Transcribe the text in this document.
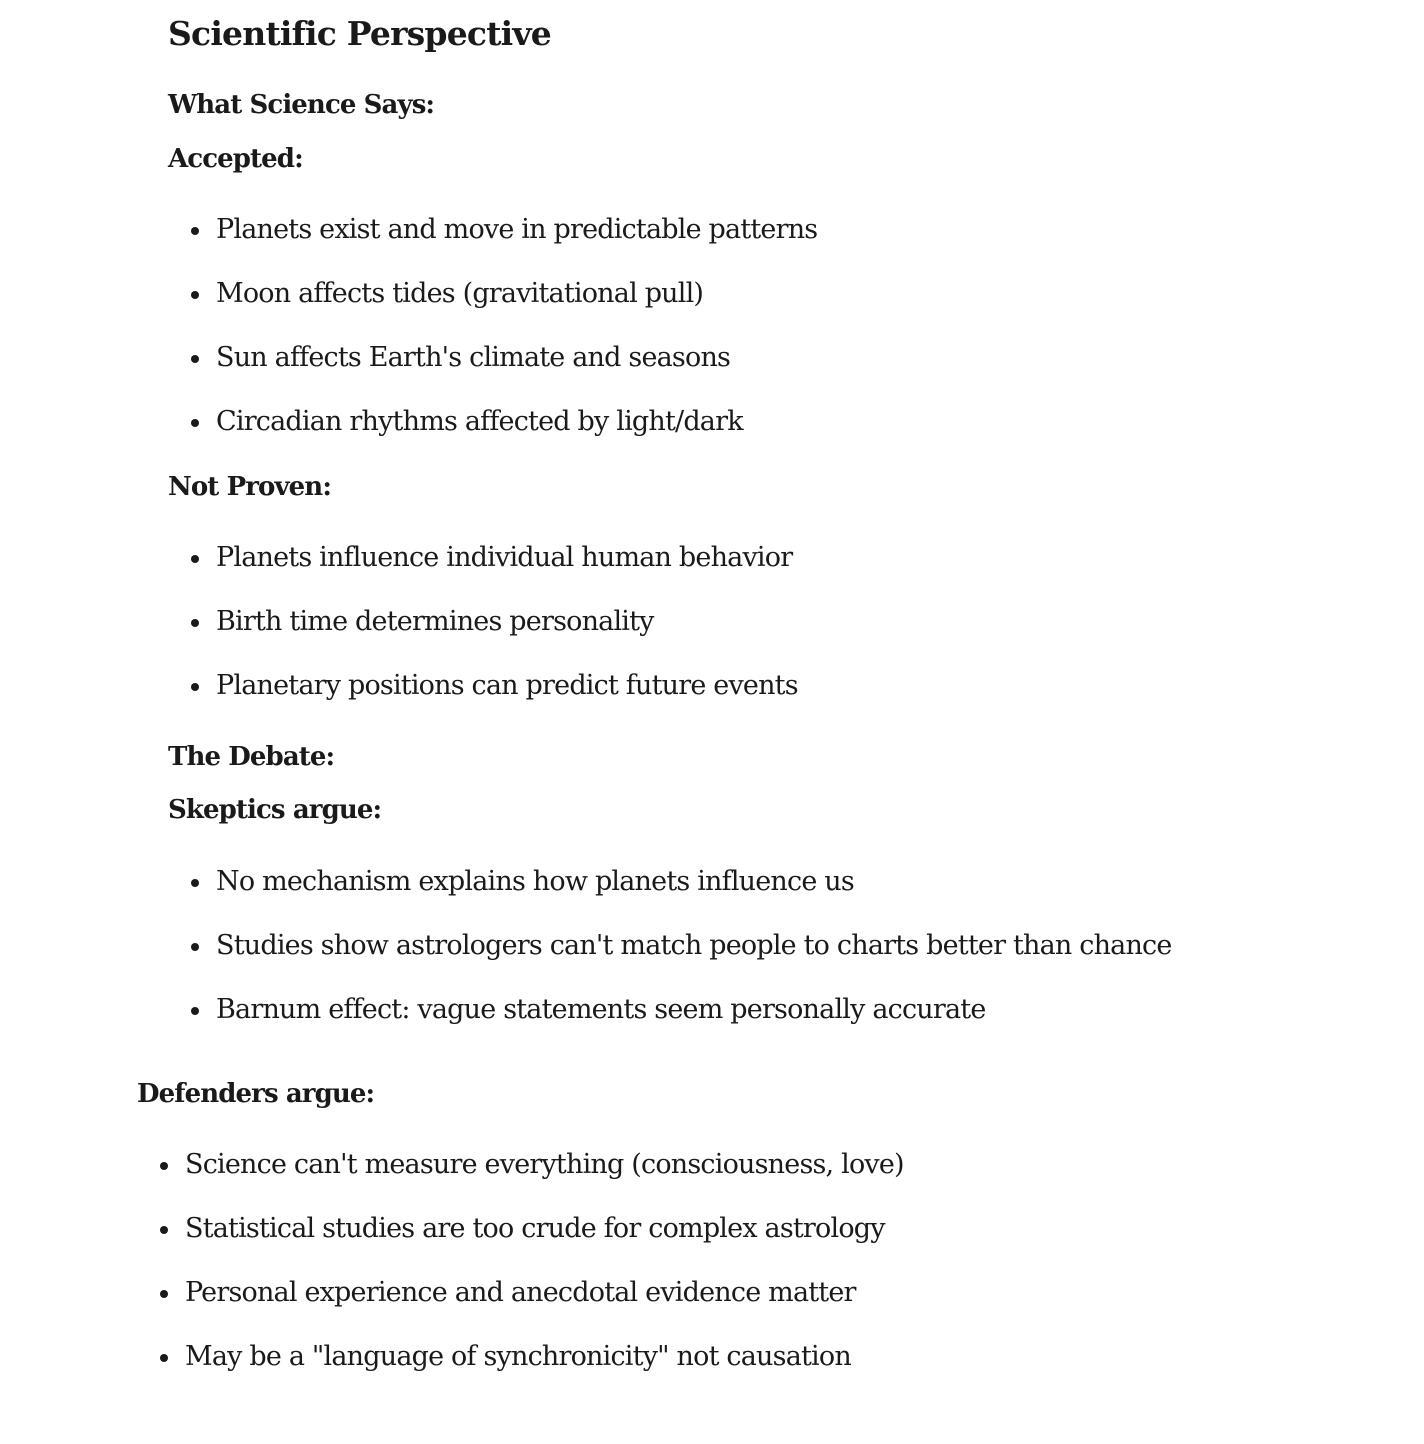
Scientific Perspective
What Science Says:
Accepted:
Planets exist and move in predictable patterns
Moon affects tides (gravitational pull)
Sun affects Earth's climate and seasons
Circadian rhythms affected by light/dark
Not Proven:
Planets influence individual human behavior
Birth time determines personality
Planetary positions can predict future events
The Debate:
Skeptics argue:
No mechanism explains how planets influence us
Studies show astrologers can't match people to charts better than chance
Barnum effect: vague statements seem personally accurate
Defenders argue:
Science can't measure everything (consciousness, love)
Statistical studies are too crude for complex astrology
Personal experience and anecdotal evidence matter
May be a "language of synchronicity" not causation
